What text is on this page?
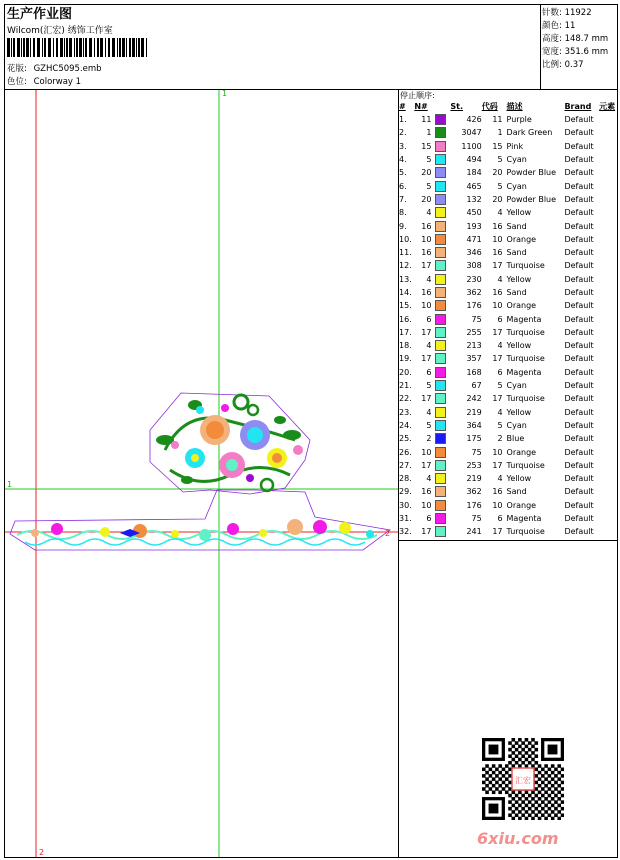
生产作业图
Wilcom(汇宏) 绣饰工作室
花版: GZHC5095.emb
色位: Colorway 1
针数: 11922
颜色: 11
高度: 148.7 mm
宽度: 351.6 mm
比例: 0.37
停止顺序:
#	N#		St.	代码	描述	Brand	元素
1.	11		426	11	Purple	Default	
2.	1		3047	1	Dark Green	Default	
3.	15		1100	15	Pink	Default	
4.	5		494	5	Cyan	Default	
5.	20		184	20	Powder Blue	Default	
6.	5		465	5	Cyan	Default	
7.	20		132	20	Powder Blue	Default	
8.	4		450	4	Yellow	Default	
9.	16		193	16	Sand	Default	
10.	10		471	10	Orange	Default	
11.	16		346	16	Sand	Default	
12.	17		308	17	Turquoise	Default	
13.	4		230	4	Yellow	Default	
14.	16		362	16	Sand	Default	
15.	10		176	10	Orange	Default	
16.	6		75	6	Magenta	Default	
17.	17		255	17	Turquoise	Default	
18.	4		213	4	Yellow	Default	
19.	17		357	17	Turquoise	Default	
20.	6		168	6	Magenta	Default	
21.	5		67	5	Cyan	Default	
22.	17		242	17	Turquoise	Default	
23.	4		219	4	Yellow	Default	
24.	5		364	5	Cyan	Default	
25.	2		175	2	Blue	Default	
26.	10		75	10	Orange	Default	
27.	17		253	17	Turquoise	Default	
28.	4		219	4	Yellow	Default	
29.	16		362	16	Sand	Default	
30.	10		176	10	Orange	Default	
31.	6		75	6	Magenta	Default	
32.	17		241	17	Turquoise	Default	
1
1
2
2
汇宏
6xiu.com
